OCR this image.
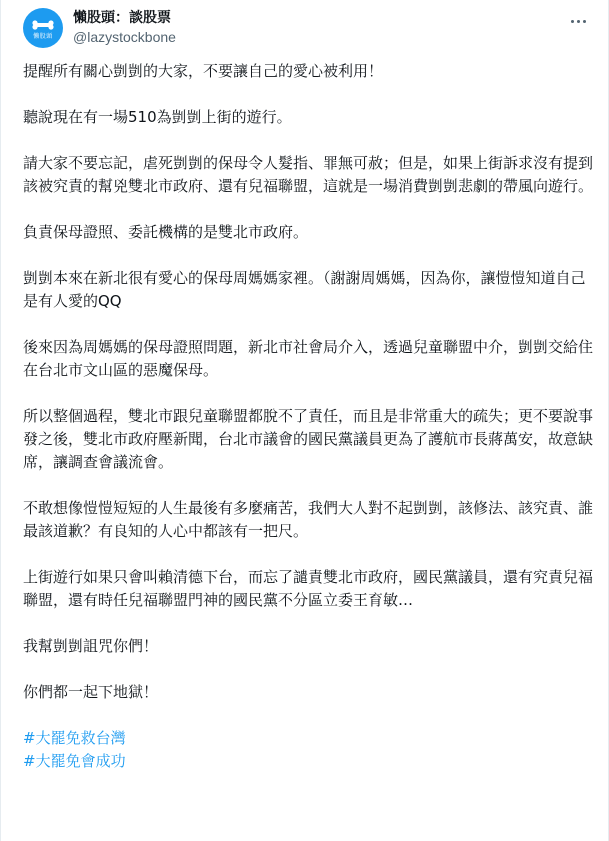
懶股頭
懶股頭：談股票
@lazystockbone

提醒所有關心剴剴的大家，不要讓自己的愛心被利用！

聽說現在有一場510為剴剴上街的遊行。

請大家不要忘記，虐死剴剴的保母令人髮指、罪無可赦；但是，如果上街訴求沒有提到該被究責的幫兇雙北市政府、還有兒福聯盟，這就是一場消費剴剴悲劇的帶風向遊行。

負責保母證照、委託機構的是雙北市政府。

剴剴本來在新北很有愛心的保母周媽媽家裡。（謝謝周媽媽，因為你，讓愷愷知道自己是有人愛的QQ

後來因為周媽媽的保母證照問題，新北市社會局介入，透過兒童聯盟中介，剴剴交給住在台北市文山區的惡魔保母。

所以整個過程，雙北市跟兒童聯盟都脫不了責任，而且是非常重大的疏失；更不要說事發之後，雙北市政府壓新聞，台北市議會的國民黨議員更為了護航市長蔣萬安，故意缺席，讓調查會議流會。

不敢想像愷愷短短的人生最後有多麼痛苦，我們大人對不起剴剴，該修法、該究責、誰最該道歉？有良知的人心中都該有一把尺。

上街遊行如果只會叫賴清德下台，而忘了譴責雙北市政府，國民黨議員，還有究責兒福聯盟，還有時任兒福聯盟門神的國民黨不分區立委王育敏…

我幫剴剴詛咒你們！

你們都一起下地獄！

#大罷免救台灣
#大罷免會成功
